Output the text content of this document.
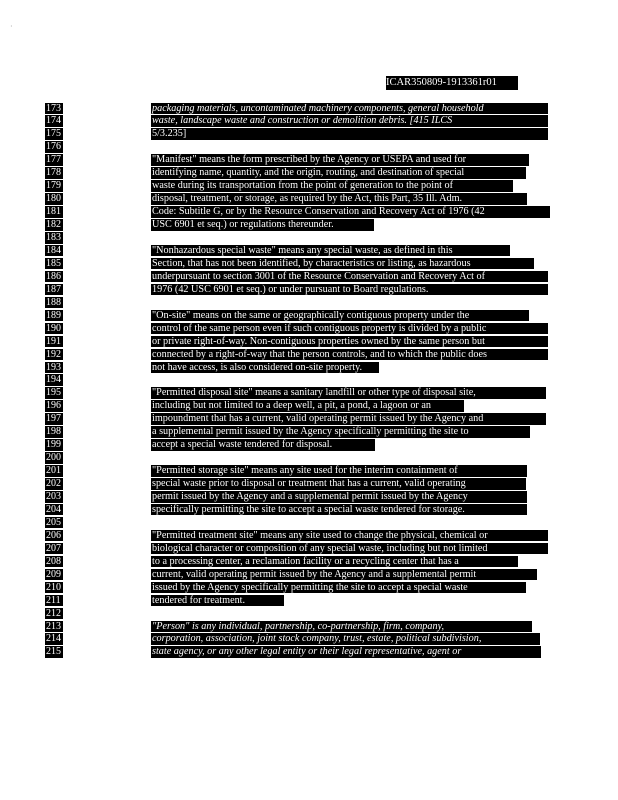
·
ICAR350809-1913361r01
173	packaging materials, uncontaminated machinery components, general household
174	waste, landscape waste and construction or demolition debris. [415 ILCS
175	5/3.235]
176
177	"Manifest" means the form prescribed by the Agency or USEPA and used for
178	identifying name, quantity, and the origin, routing, and destination of special
179	waste during its transportation from the point of generation to the point of
180	disposal, treatment, or storage, as required by the Act, this Part, 35 Ill. Adm.
181	Code: Subtitle G, or by the Resource Conservation and Recovery Act of 1976 (42
182	USC 6901 et seq.) or regulations thereunder.
183
184	"Nonhazardous special waste" means any special waste, as defined in this
185	Section, that has not been identified, by characteristics or listing, as hazardous
186	underpursuant to section 3001 of the Resource Conservation and Recovery Act of
187	1976 (42 USC 6901 et seq.) or under pursuant to Board regulations.
188
189	"On-site" means on the same or geographically contiguous property under the
190	control of the same person even if such contiguous property is divided by a public
191	or private right-of-way. Non-contiguous properties owned by the same person but
192	connected by a right-of-way that the person controls, and to which the public does
193	not have access, is also considered on-site property.
194
195	"Permitted disposal site" means a sanitary landfill or other type of disposal site,
196	including but not limited to a deep well, a pit, a pond, a lagoon or an
197	impoundment that has a current, valid operating permit issued by the Agency and
198	a supplemental permit issued by the Agency specifically permitting the site to
199	accept a special waste tendered for disposal.
200
201	"Permitted storage site" means any site used for the interim containment of
202	special waste prior to disposal or treatment that has a current, valid operating
203	permit issued by the Agency and a supplemental permit issued by the Agency
204	specifically permitting the site to accept a special waste tendered for storage.
205
206	"Permitted treatment site" means any site used to change the physical, chemical or
207	biological character or composition of any special waste, including but not limited
208	to a processing center, a reclamation facility or a recycling center that has a
209	current, valid operating permit issued by the Agency and a supplemental permit
210	issued by the Agency specifically permitting the site to accept a special waste
211	tendered for treatment.
212
213	"Person" is any individual, partnership, co-partnership, firm, company,
214	corporation, association, joint stock company, trust, estate, political subdivision,
215	state agency, or any other legal entity or their legal representative, agent or
